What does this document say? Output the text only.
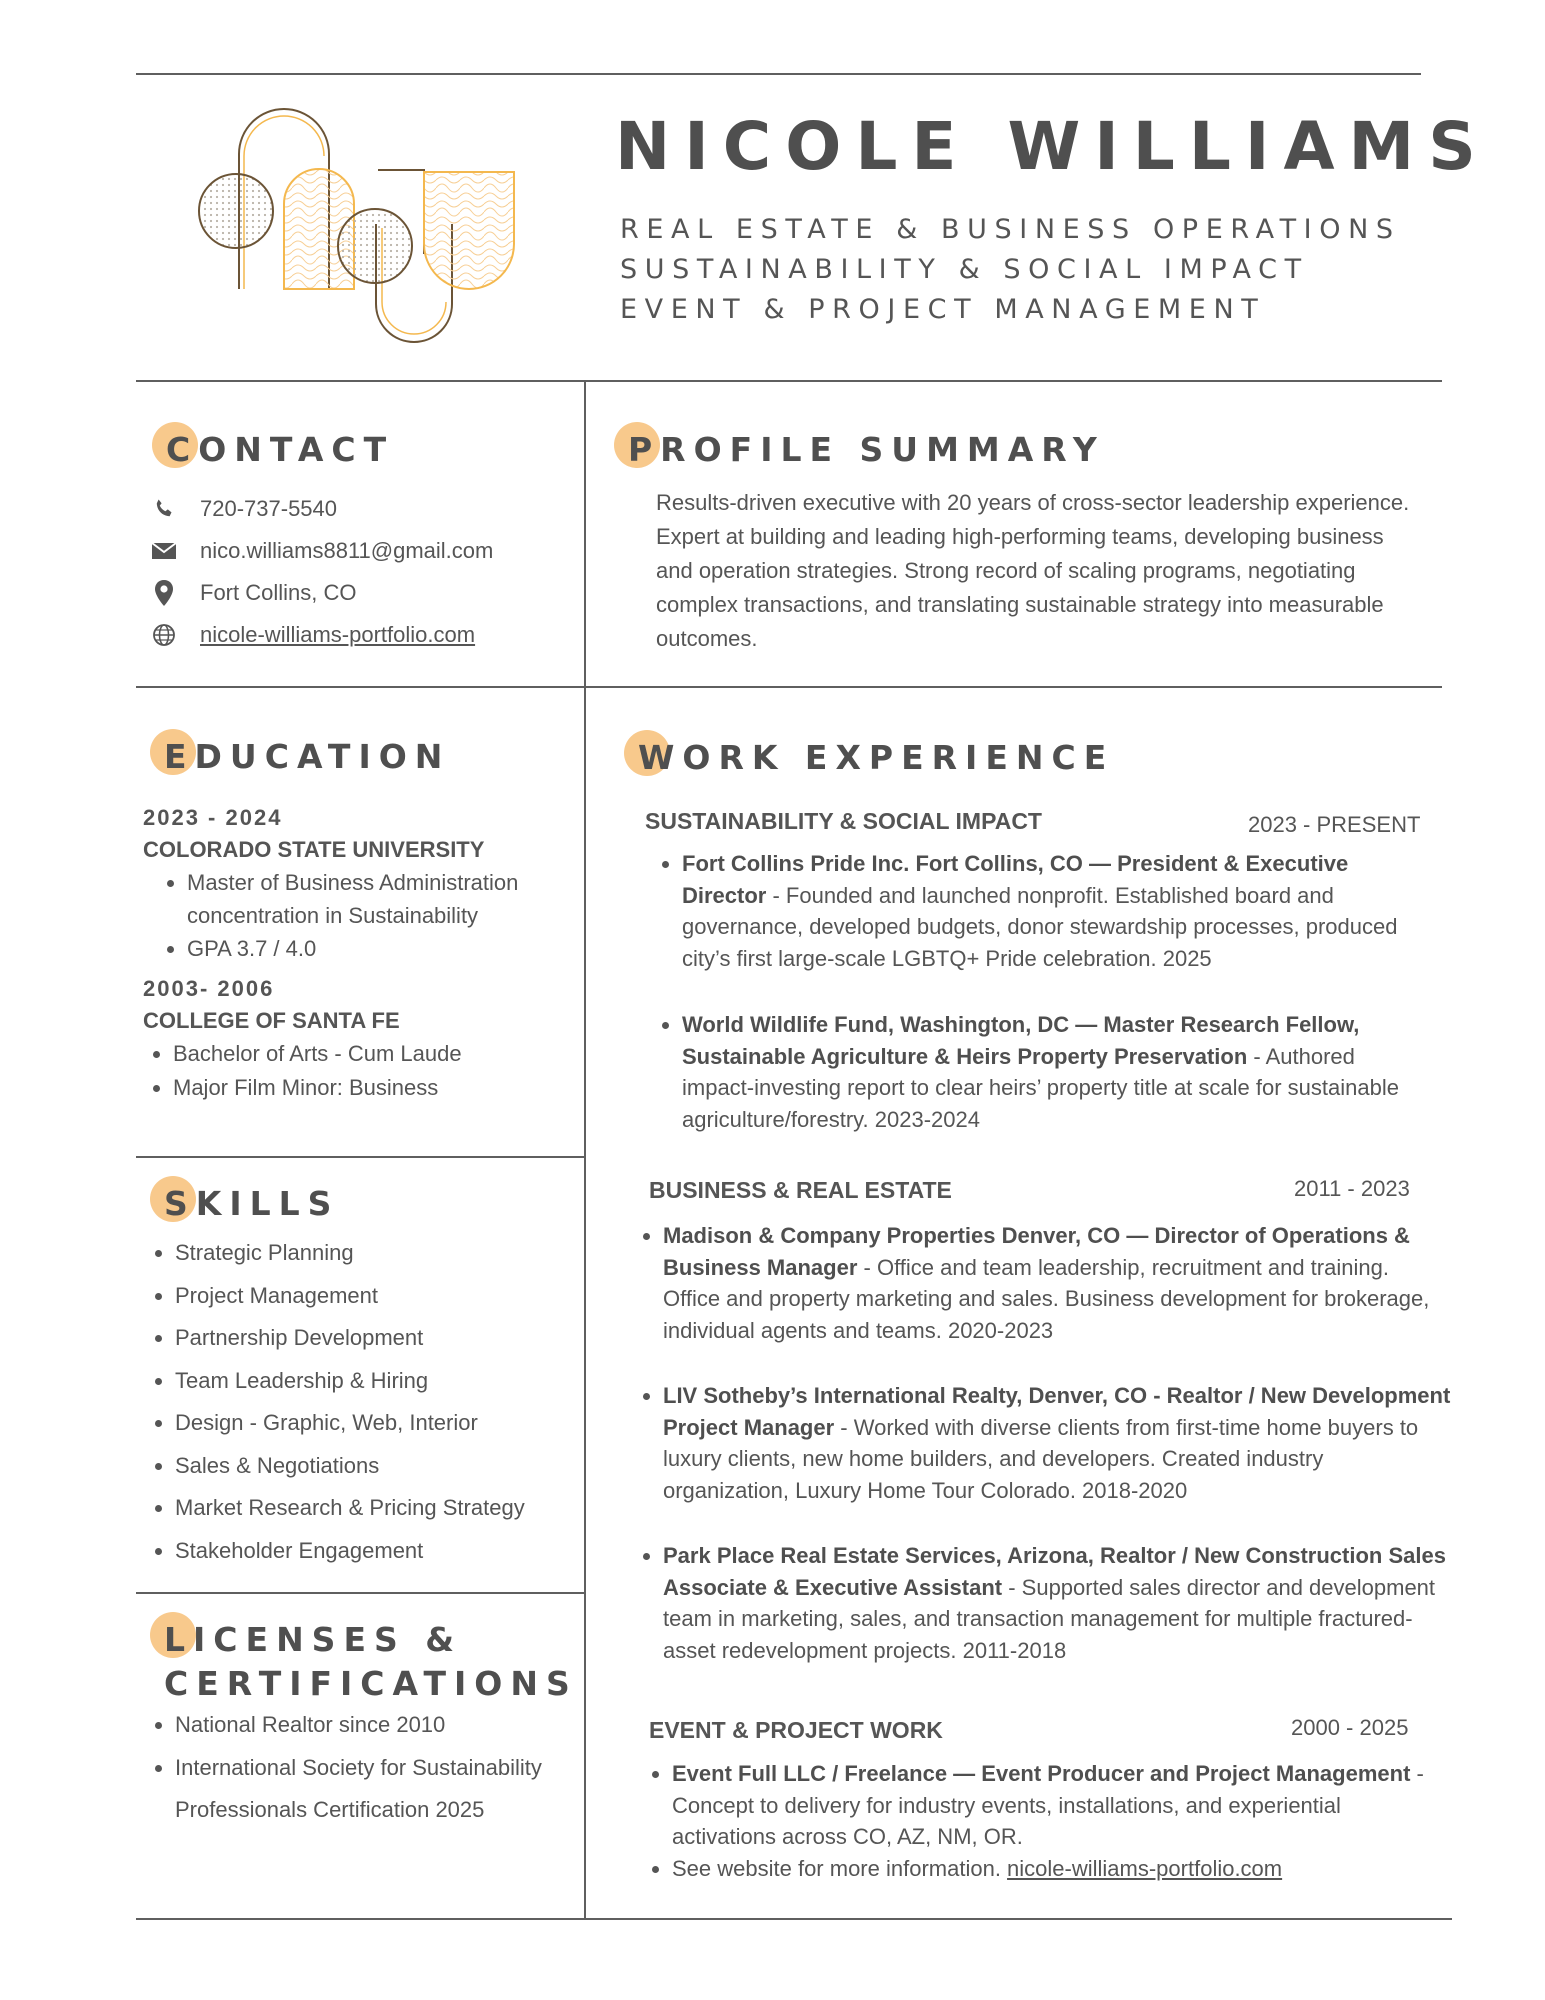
NICOLE WILLIAMS
REAL ESTATE & BUSINESS OPERATIONS
SUSTAINABILITY & SOCIAL IMPACT
EVENT & PROJECT MANAGEMENT
CONTACT
720-737-5540
nico.williams8811@gmail.com
Fort Collins, CO
nicole-williams-portfolio.com
PROFILE SUMMARY
Results-driven executive with 20 years of cross-sector leadership experience. Expert at building and leading high-performing teams, developing business and operation strategies. Strong record of scaling programs, negotiating complex transactions, and translating sustainable strategy into measurable outcomes.
EDUCATION
2023 - 2024
COLORADO STATE UNIVERSITY
• Master of Business Administration concentration in Sustainability
• GPA 3.7 / 4.0
2003- 2006
COLLEGE OF SANTA FE
• Bachelor of Arts - Cum Laude
• Major Film Minor: Business
SKILLS
• Strategic Planning
• Project Management
• Partnership Development
• Team Leadership & Hiring
• Design - Graphic, Web, Interior
• Sales & Negotiations
• Market Research & Pricing Strategy
• Stakeholder Engagement
LICENSES &
CERTIFICATIONS
• National Realtor since 2010
• International Society for Sustainability Professionals Certification 2025
WORK EXPERIENCE
SUSTAINABILITY & SOCIAL IMPACT	2023 - PRESENT
• Fort Collins Pride Inc. Fort Collins, CO — President & Executive Director - Founded and launched nonprofit. Established board and governance, developed budgets, donor stewardship processes, produced city’s first large-scale LGBTQ+ Pride celebration. 2025
• World Wildlife Fund, Washington, DC — Master Research Fellow, Sustainable Agriculture & Heirs Property Preservation - Authored impact-investing report to clear heirs’ property title at scale for sustainable agriculture/forestry. 2023-2024
BUSINESS & REAL ESTATE	2011 - 2023
• Madison & Company Properties Denver, CO — Director of Operations & Business Manager - Office and team leadership, recruitment and training. Office and property marketing and sales. Business development for brokerage, individual agents and teams. 2020-2023
• LIV Sotheby’s International Realty, Denver, CO - Realtor / New Development Project Manager - Worked with diverse clients from first-time home buyers to luxury clients, new home builders, and developers. Created industry organization, Luxury Home Tour Colorado. 2018-2020
• Park Place Real Estate Services, Arizona, Realtor / New Construction Sales Associate & Executive Assistant - Supported sales director and development team in marketing, sales, and transaction management for multiple fractured-asset redevelopment projects. 2011-2018
EVENT & PROJECT WORK	2000 - 2025
• Event Full LLC / Freelance — Event Producer and Project Management - Concept to delivery for industry events, installations, and experiential activations across CO, AZ, NM, OR.
• See website for more information. nicole-williams-portfolio.com
